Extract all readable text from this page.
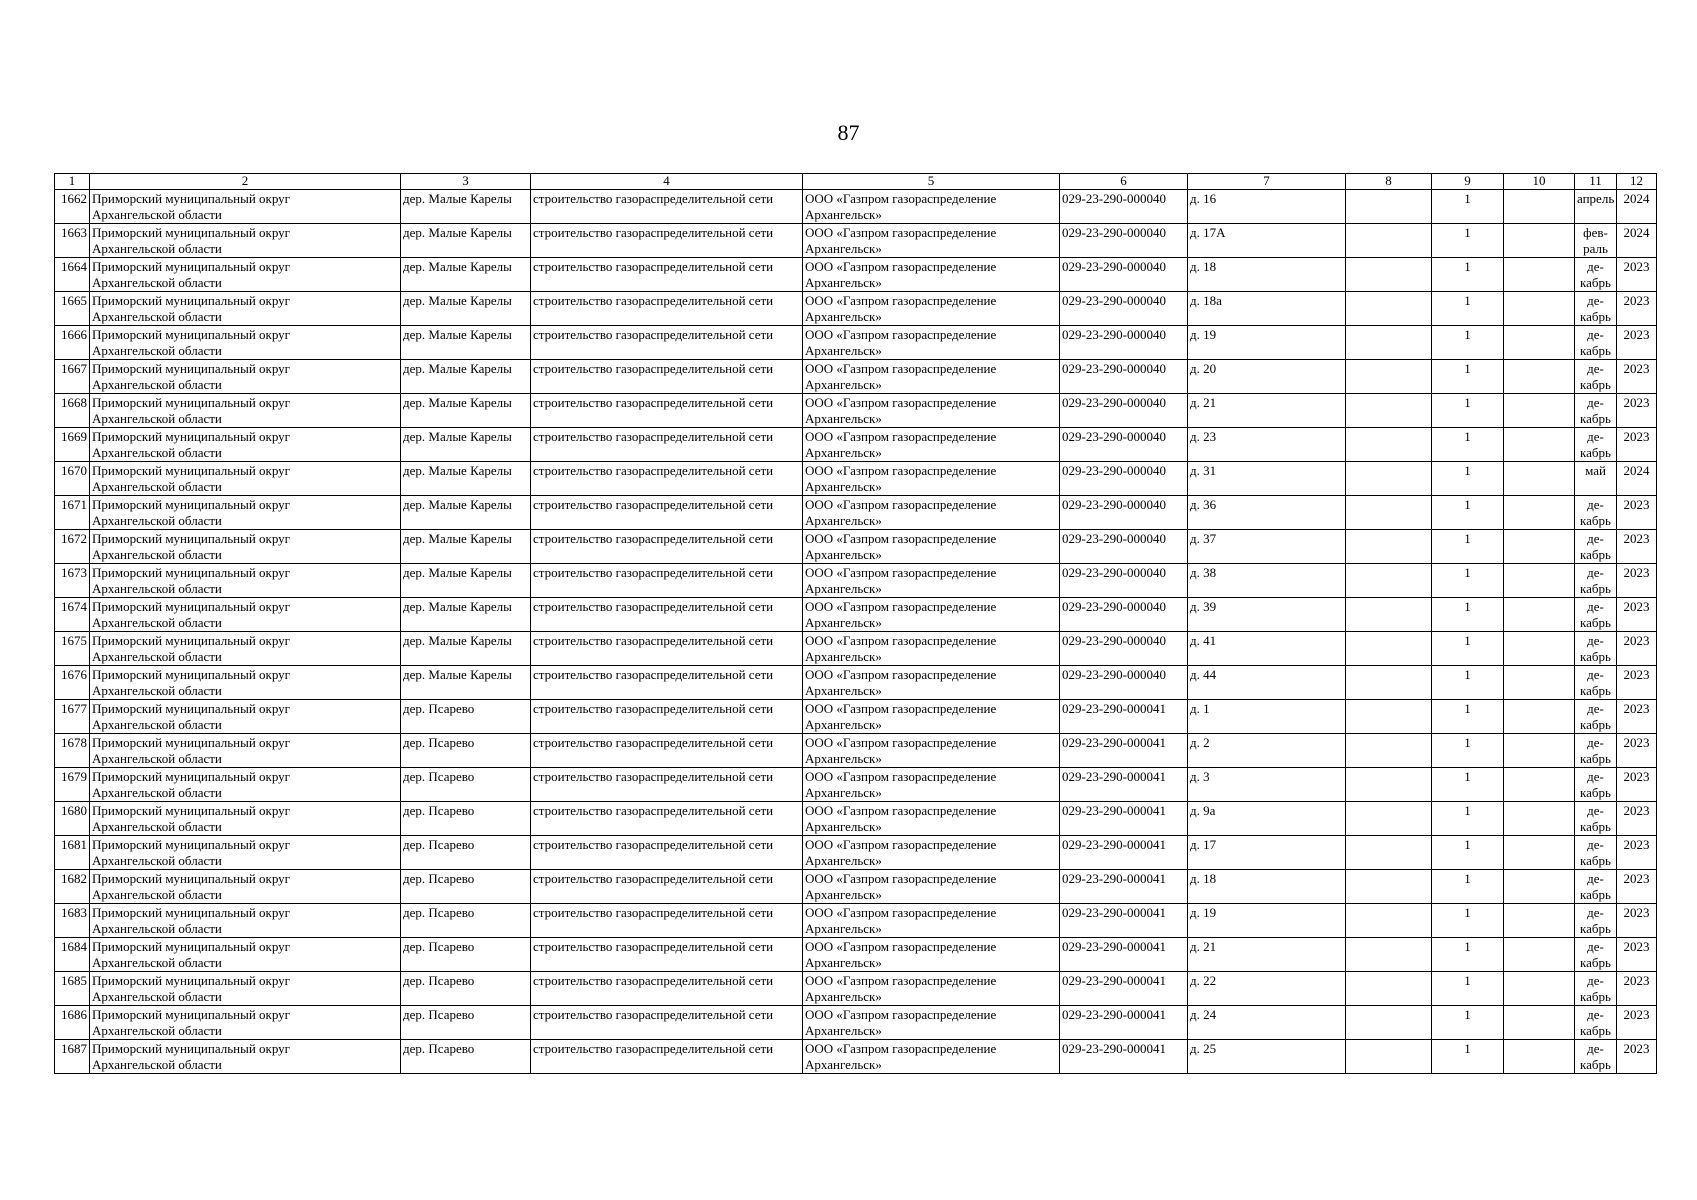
87
1	2	3	4	5	6	7	8	9	10	11	12

1662	Приморский муниципальный округ
Архангельской области	дер. Малые Карелы	строительство газораспределительной сети	ООО «Газпром газораспределение
Архангельск»	029-23-290-000040	д. 16		1		апрель	2024

1663	Приморский муниципальный округ
Архангельской области	дер. Малые Карелы	строительство газораспределительной сети	ООО «Газпром газораспределение
Архангельск»	029-23-290-000040	д. 17А		1		фев-
раль	2024

1664	Приморский муниципальный округ
Архангельской области	дер. Малые Карелы	строительство газораспределительной сети	ООО «Газпром газораспределение
Архангельск»	029-23-290-000040	д. 18		1		де-
кабрь	2023

1665	Приморский муниципальный округ
Архангельской области	дер. Малые Карелы	строительство газораспределительной сети	ООО «Газпром газораспределение
Архангельск»	029-23-290-000040	д. 18а		1		де-
кабрь	2023

1666	Приморский муниципальный округ
Архангельской области	дер. Малые Карелы	строительство газораспределительной сети	ООО «Газпром газораспределение
Архангельск»	029-23-290-000040	д. 19		1		де-
кабрь	2023

1667	Приморский муниципальный округ
Архангельской области	дер. Малые Карелы	строительство газораспределительной сети	ООО «Газпром газораспределение
Архангельск»	029-23-290-000040	д. 20		1		де-
кабрь	2023

1668	Приморский муниципальный округ
Архангельской области	дер. Малые Карелы	строительство газораспределительной сети	ООО «Газпром газораспределение
Архангельск»	029-23-290-000040	д. 21		1		де-
кабрь	2023

1669	Приморский муниципальный округ
Архангельской области	дер. Малые Карелы	строительство газораспределительной сети	ООО «Газпром газораспределение
Архангельск»	029-23-290-000040	д. 23		1		де-
кабрь	2023

1670	Приморский муниципальный округ
Архангельской области	дер. Малые Карелы	строительство газораспределительной сети	ООО «Газпром газораспределение
Архангельск»	029-23-290-000040	д. 31		1		май	2024

1671	Приморский муниципальный округ
Архангельской области	дер. Малые Карелы	строительство газораспределительной сети	ООО «Газпром газораспределение
Архангельск»	029-23-290-000040	д. 36		1		де-
кабрь	2023

1672	Приморский муниципальный округ
Архангельской области	дер. Малые Карелы	строительство газораспределительной сети	ООО «Газпром газораспределение
Архангельск»	029-23-290-000040	д. 37		1		де-
кабрь	2023

1673	Приморский муниципальный округ
Архангельской области	дер. Малые Карелы	строительство газораспределительной сети	ООО «Газпром газораспределение
Архангельск»	029-23-290-000040	д. 38		1		де-
кабрь	2023

1674	Приморский муниципальный округ
Архангельской области	дер. Малые Карелы	строительство газораспределительной сети	ООО «Газпром газораспределение
Архангельск»	029-23-290-000040	д. 39		1		де-
кабрь	2023

1675	Приморский муниципальный округ
Архангельской области	дер. Малые Карелы	строительство газораспределительной сети	ООО «Газпром газораспределение
Архангельск»	029-23-290-000040	д. 41		1		де-
кабрь	2023

1676	Приморский муниципальный округ
Архангельской области	дер. Малые Карелы	строительство газораспределительной сети	ООО «Газпром газораспределение
Архангельск»	029-23-290-000040	д. 44		1		де-
кабрь	2023

1677	Приморский муниципальный округ
Архангельской области	дер. Псарево	строительство газораспределительной сети	ООО «Газпром газораспределение
Архангельск»	029-23-290-000041	д. 1		1		де-
кабрь	2023

1678	Приморский муниципальный округ
Архангельской области	дер. Псарево	строительство газораспределительной сети	ООО «Газпром газораспределение
Архангельск»	029-23-290-000041	д. 2		1		де-
кабрь	2023

1679	Приморский муниципальный округ
Архангельской области	дер. Псарево	строительство газораспределительной сети	ООО «Газпром газораспределение
Архангельск»	029-23-290-000041	д. 3		1		де-
кабрь	2023

1680	Приморский муниципальный округ
Архангельской области	дер. Псарево	строительство газораспределительной сети	ООО «Газпром газораспределение
Архангельск»	029-23-290-000041	д. 9а		1		де-
кабрь	2023

1681	Приморский муниципальный округ
Архангельской области	дер. Псарево	строительство газораспределительной сети	ООО «Газпром газораспределение
Архангельск»	029-23-290-000041	д. 17		1		де-
кабрь	2023

1682	Приморский муниципальный округ
Архангельской области	дер. Псарево	строительство газораспределительной сети	ООО «Газпром газораспределение
Архангельск»	029-23-290-000041	д. 18		1		де-
кабрь	2023

1683	Приморский муниципальный округ
Архангельской области	дер. Псарево	строительство газораспределительной сети	ООО «Газпром газораспределение
Архангельск»	029-23-290-000041	д. 19		1		де-
кабрь	2023

1684	Приморский муниципальный округ
Архангельской области	дер. Псарево	строительство газораспределительной сети	ООО «Газпром газораспределение
Архангельск»	029-23-290-000041	д. 21		1		де-
кабрь	2023

1685	Приморский муниципальный округ
Архангельской области	дер. Псарево	строительство газораспределительной сети	ООО «Газпром газораспределение
Архангельск»	029-23-290-000041	д. 22		1		де-
кабрь	2023

1686	Приморский муниципальный округ
Архангельской области	дер. Псарево	строительство газораспределительной сети	ООО «Газпром газораспределение
Архангельск»	029-23-290-000041	д. 24		1		де-
кабрь	2023

1687	Приморский муниципальный округ
Архангельской области	дер. Псарево	строительство газораспределительной сети	ООО «Газпром газораспределение
Архангельск»	029-23-290-000041	д. 25		1		де-
кабрь	2023
